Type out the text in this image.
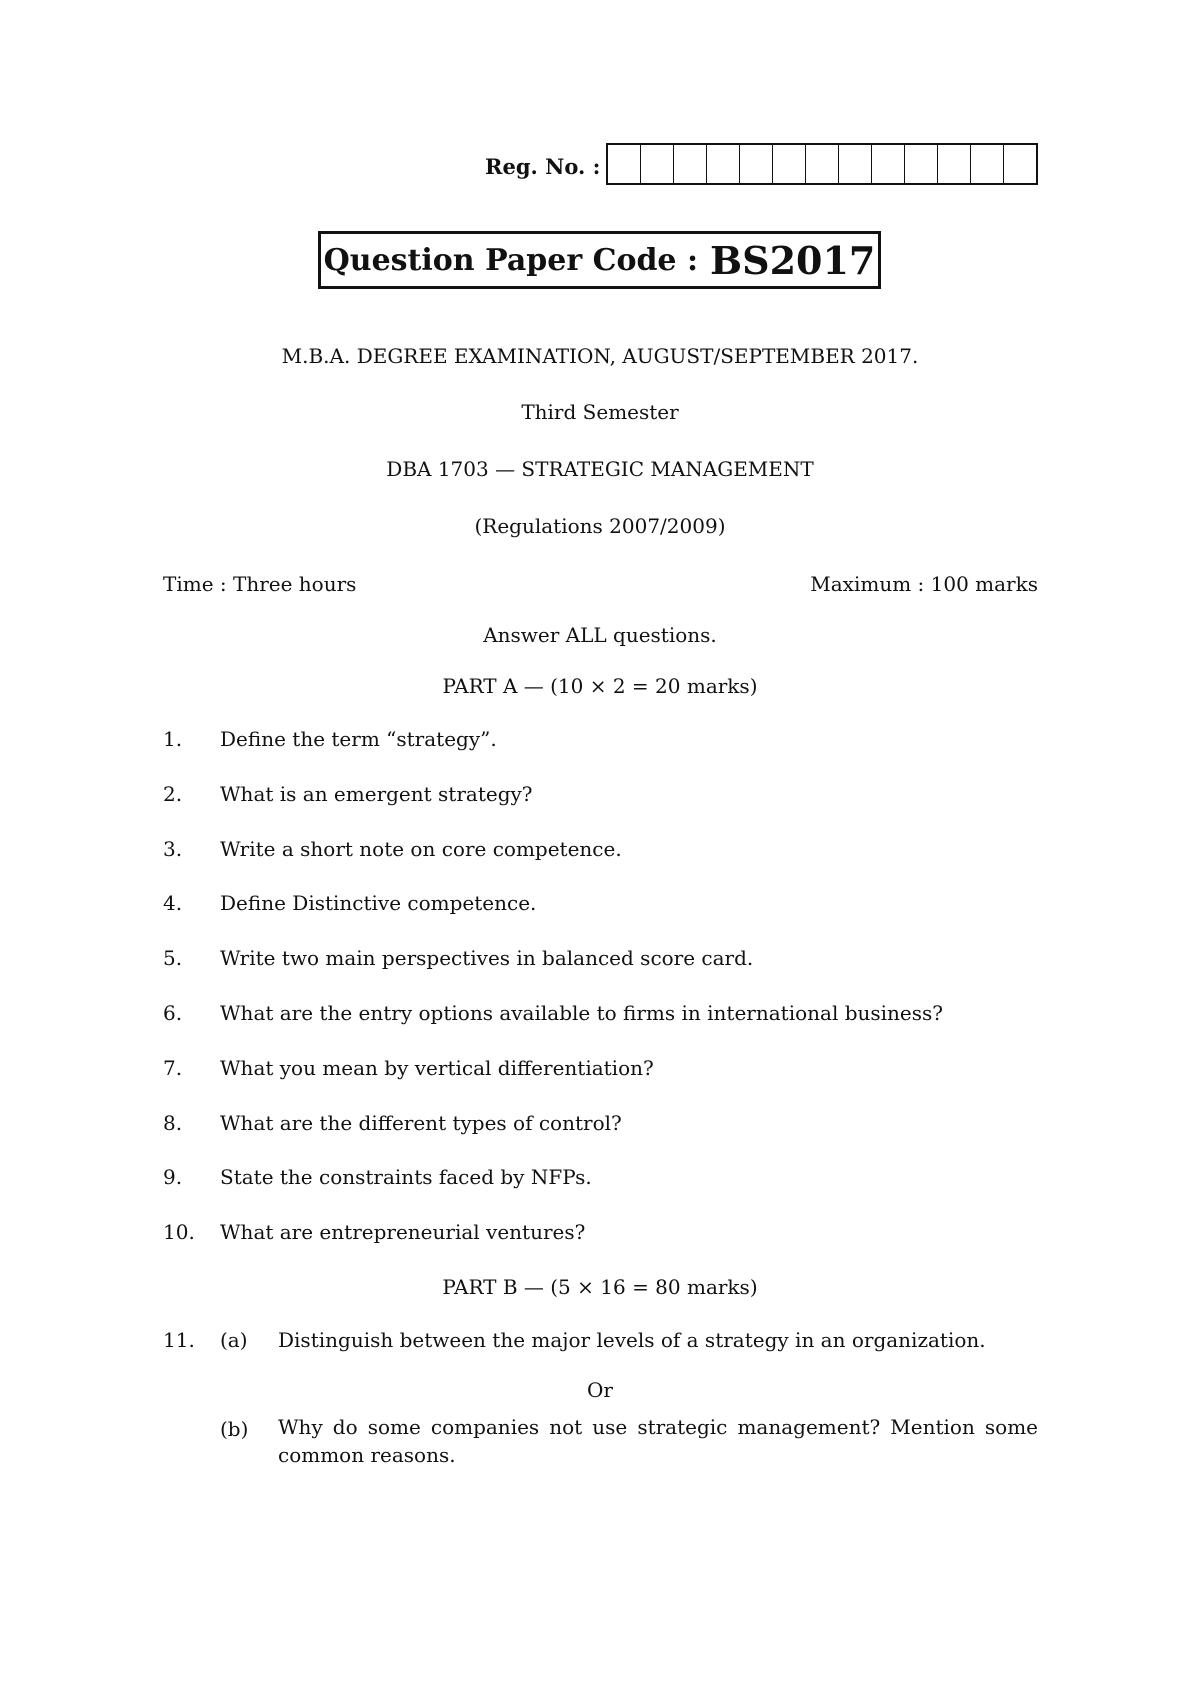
Reg. No. :
Question Paper Code : BS2017
M.B.A. DEGREE EXAMINATION, AUGUST/SEPTEMBER 2017.
Third Semester
DBA 1703 — STRATEGIC MANAGEMENT
(Regulations 2007/2009)
Time : Three hours	Maximum : 100 marks
Answer ALL questions.
PART A — (10 × 2 = 20 marks)
1. Define the term “strategy”.
2. What is an emergent strategy?
3. Write a short note on core competence.
4. Define Distinctive competence.
5. Write two main perspectives in balanced score card.
6. What are the entry options available to firms in international business?
7. What you mean by vertical differentiation?
8. What are the different types of control?
9. State the constraints faced by NFPs.
10. What are entrepreneurial ventures?
PART B — (5 × 16 = 80 marks)
11. (a) Distinguish between the major levels of a strategy in an organization.
Or
(b) Why do some companies not use strategic management? Mention some common reasons.
